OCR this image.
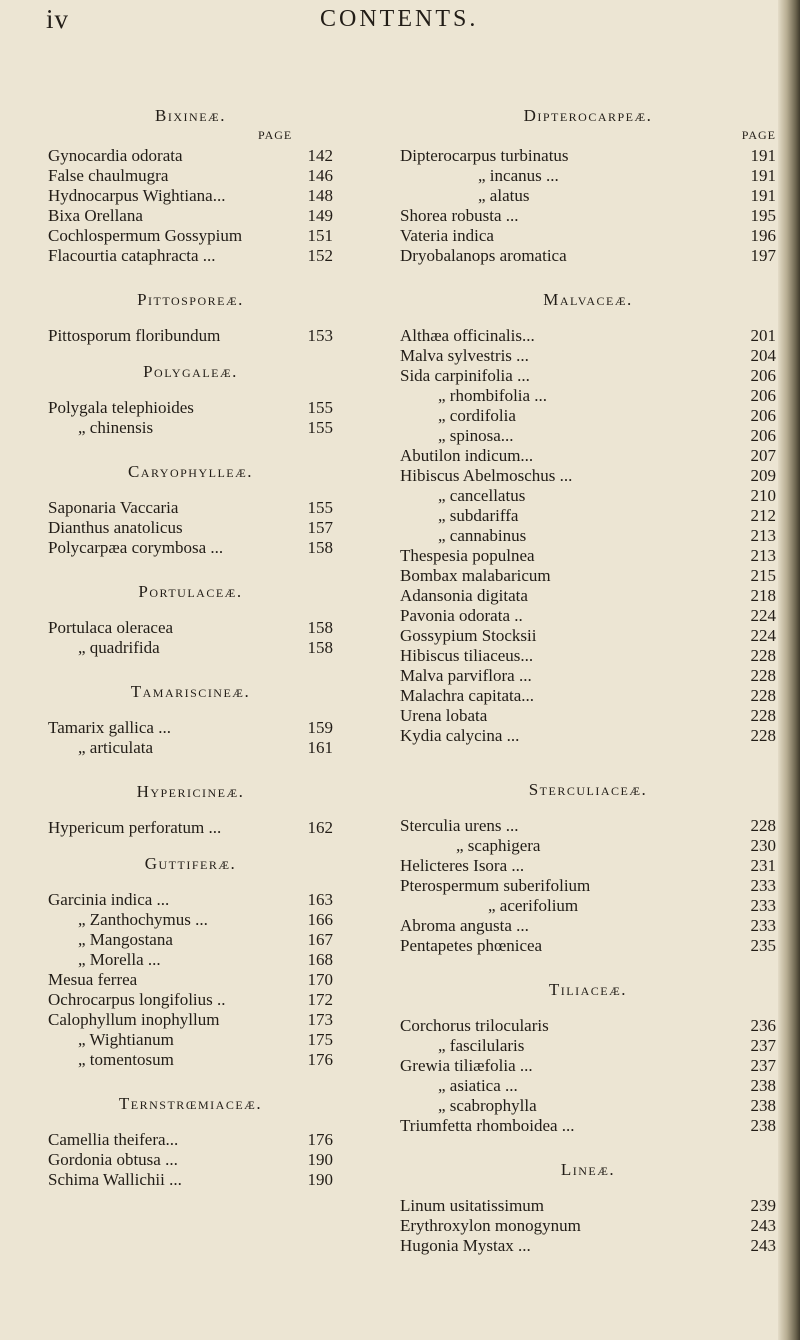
iv	CONTENTS.
Bixineæ.
PAGE
Gynocardia odorata	142
False chaulmugra	146
Hydnocarpus Wightiana...	148
Bixa Orellana	149
Cochlospermum Gossypium	151
Flacourtia cataphracta ...	152
Pittosporeæ.
Pittosporum floribundum	153
Polygaleæ.
Polygala telephioides	155
„ chinensis	155
Caryophylleæ.
Saponaria Vaccaria	155
Dianthus anatolicus	157
Polycarpæa corymbosa ...	158
Portulaceæ.
Portulaca oleracea	158
„ quadrifida	158
Tamariscineæ.
Tamarix gallica ...	159
„ articulata	161
Hypericineæ.
Hypericum perforatum ...	162
Guttiferæ.
Garcinia indica ...	163
„ Zanthochymus ...	166
„ Mangostana	167
„ Morella ...	168
Mesua ferrea	170
Ochrocarpus longifolius ..	172
Calophyllum inophyllum	173
„ Wightianum	175
„ tomentosum	176
Ternstrœmiaceæ.
Camellia theifera...	176
Gordonia obtusa ...	190
Schima Wallichii ...	190
Dipterocarpeæ.
PAGE
Dipterocarpus turbinatus	191
„ incanus ...	191
„ alatus	191
Shorea robusta ...	195
Vateria indica	196
Dryobalanops aromatica	197
Malvaceæ.
Althæa officinalis...	201
Malva sylvestris ...	204
Sida carpinifolia ...	206
„ rhombifolia ...	206
„ cordifolia	206
„ spinosa...	206
Abutilon indicum...	207
Hibiscus Abelmoschus ...	209
„ cancellatus	210
„ subdariffa	212
„ cannabinus	213
Thespesia populnea	213
Bombax malabaricum	215
Adansonia digitata	218
Pavonia odorata ..	224
Gossypium Stocksii	224
Hibiscus tiliaceus...	228
Malva parviflora ...	228
Malachra capitata...	228
Urena lobata	228
Kydia calycina ...	228
Sterculiaceæ.
Sterculia urens ...	228
„ scaphigera	230
Helicteres Isora ...	231
Pterospermum suberifolium	233
„ acerifolium	233
Abroma angusta ...	233
Pentapetes phœnicea	235
Tiliaceæ.
Corchorus trilocularis	236
„ fascilularis	237
Grewia tiliæfolia ...	237
„ asiatica ...	238
„ scabrophylla	238
Triumfetta rhomboidea ...	238
Lineæ.
Linum usitatissimum	239
Erythroxylon monogynum	243
Hugonia Mystax ...	243
